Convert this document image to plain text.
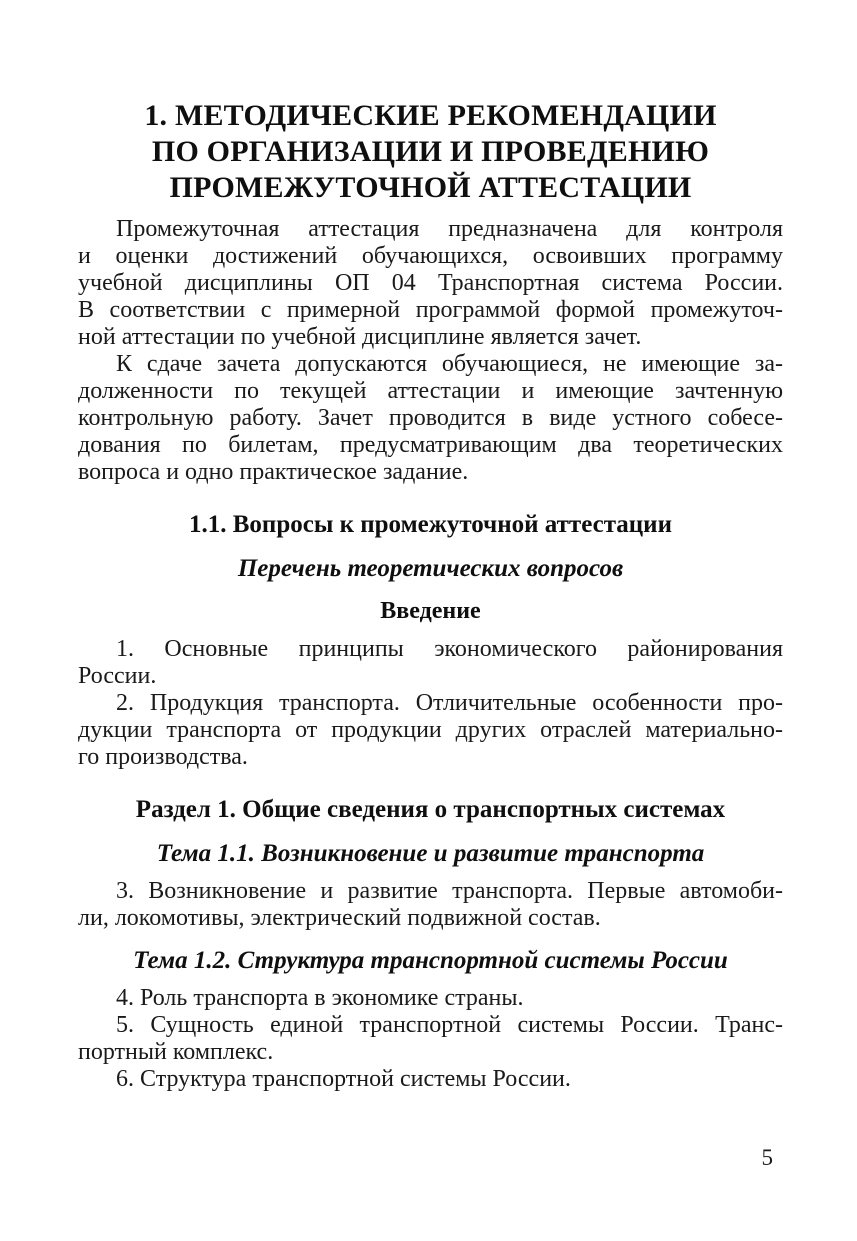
1. МЕТОДИЧЕСКИЕ РЕКОМЕНДАЦИИ
ПО ОРГАНИЗАЦИИ И ПРОВЕДЕНИЮ
ПРОМЕЖУТОЧНОЙ АТТЕСТАЦИИ
Промежуточная аттестация предназначена для контроля
и оценки достижений обучающихся, освоивших программу
учебной дисциплины ОП 04 Транспортная система России.
В соответствии с примерной программой формой промежуточ-
ной аттестации по учебной дисциплине является зачет.
К сдаче зачета допускаются обучающиеся, не имеющие за-
долженности по текущей аттестации и имеющие зачтенную
контрольную работу. Зачет проводится в виде устного собесе-
дования по билетам, предусматривающим два теоретических
вопроса и одно практическое задание.
1.1. Вопросы к промежуточной аттестации
Перечень теоретических вопросов
Введение
1. Основные принципы экономического районирования
России.
2. Продукция транспорта. Отличительные особенности про-
дукции транспорта от продукции других отраслей материально-
го производства.
Раздел 1. Общие сведения о транспортных системах
Тема 1.1. Возникновение и развитие транспорта
3. Возникновение и развитие транспорта. Первые автомоби-
ли, локомотивы, электрический подвижной состав.
Тема 1.2. Структура транспортной системы России
4. Роль транспорта в экономике страны.
5. Сущность единой транспортной системы России. Транс-
портный комплекс.
6. Структура транспортной системы России.
5
